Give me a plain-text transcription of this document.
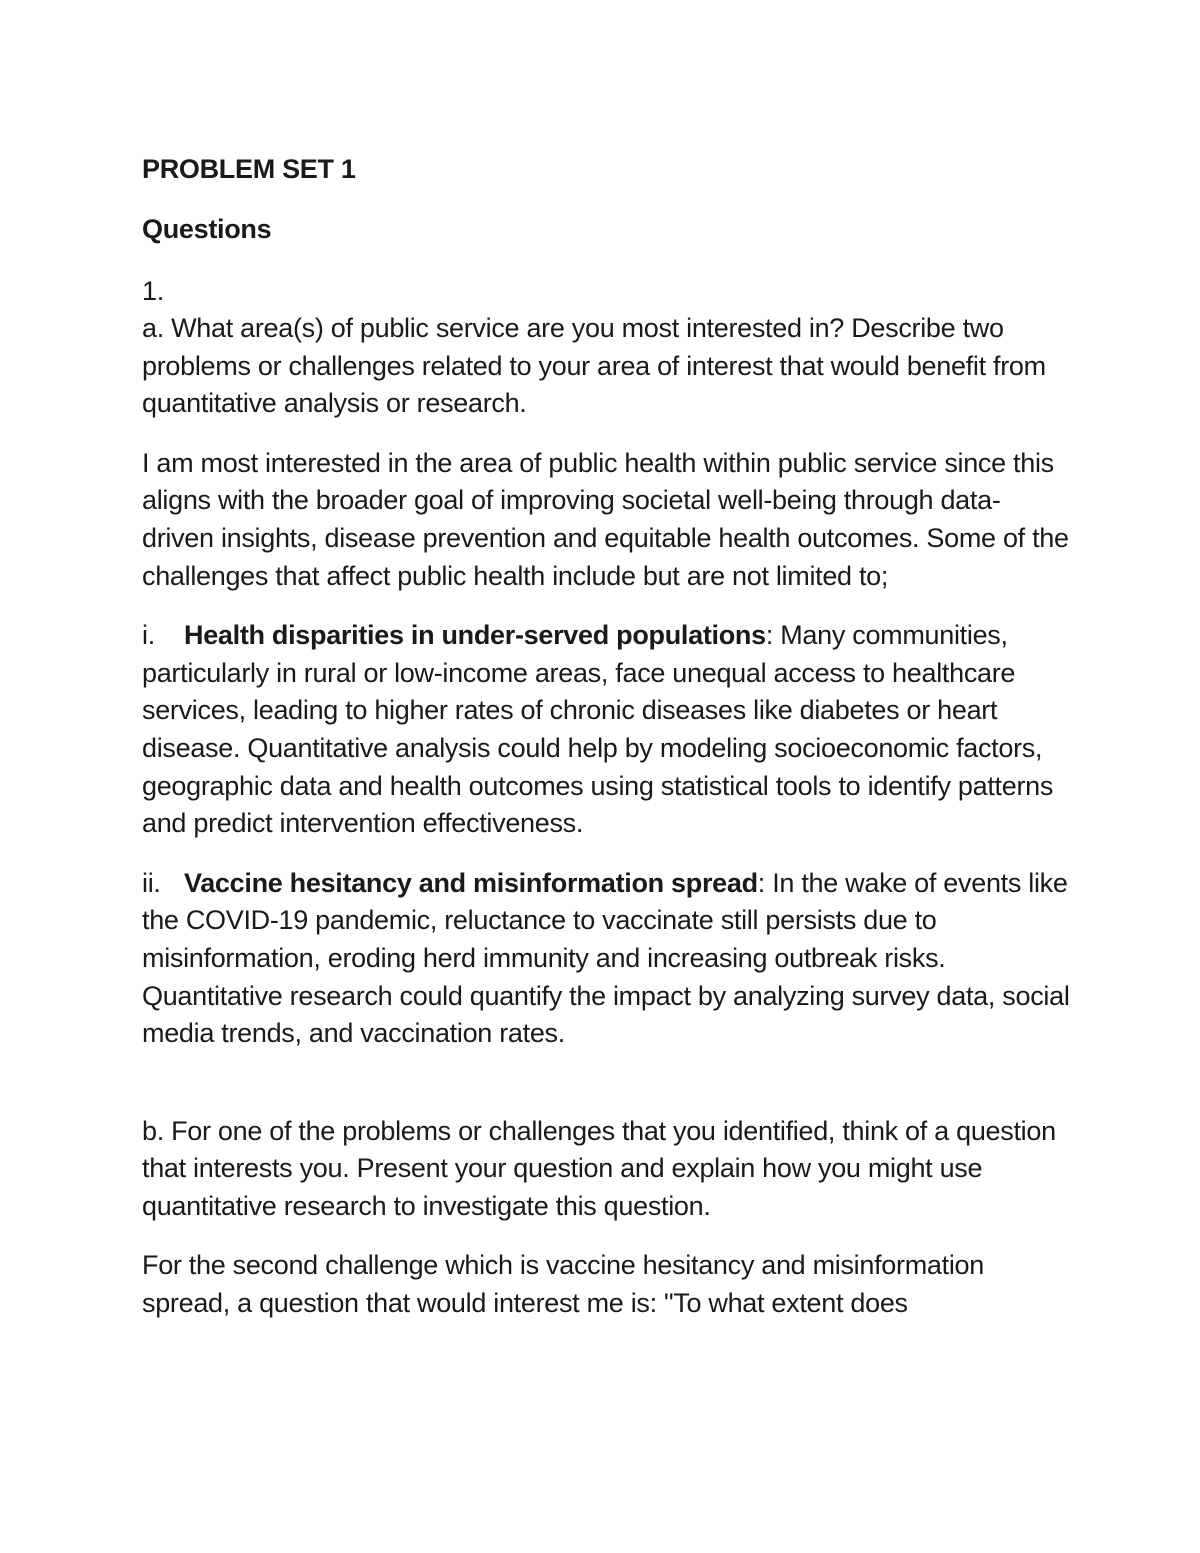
PROBLEM SET 1

Questions

1.

a. What area(s) of public service are you most interested in? Describe two problems or challenges related to your area of interest that would benefit from quantitative analysis or research.

I am most interested in the area of public health within public service since this aligns with the broader goal of improving societal well-being through data-driven insights, disease prevention and equitable health outcomes. Some of the challenges that affect public health include but are not limited to;

i. Health disparities in under-served populations: Many communities, particularly in rural or low-income areas, face unequal access to healthcare services, leading to higher rates of chronic diseases like diabetes or heart disease. Quantitative analysis could help by modeling socioeconomic factors, geographic data and health outcomes using statistical tools to identify patterns and predict intervention effectiveness.

ii. Vaccine hesitancy and misinformation spread: In the wake of events like the COVID-19 pandemic, reluctance to vaccinate still persists due to misinformation, eroding herd immunity and increasing outbreak risks. Quantitative research could quantify the impact by analyzing survey data, social media trends, and vaccination rates.

b. For one of the problems or challenges that you identified, think of a question that interests you. Present your question and explain how you might use quantitative research to investigate this question.

For the second challenge which is vaccine hesitancy and misinformation spread, a question that would interest me is: "To what extent does
